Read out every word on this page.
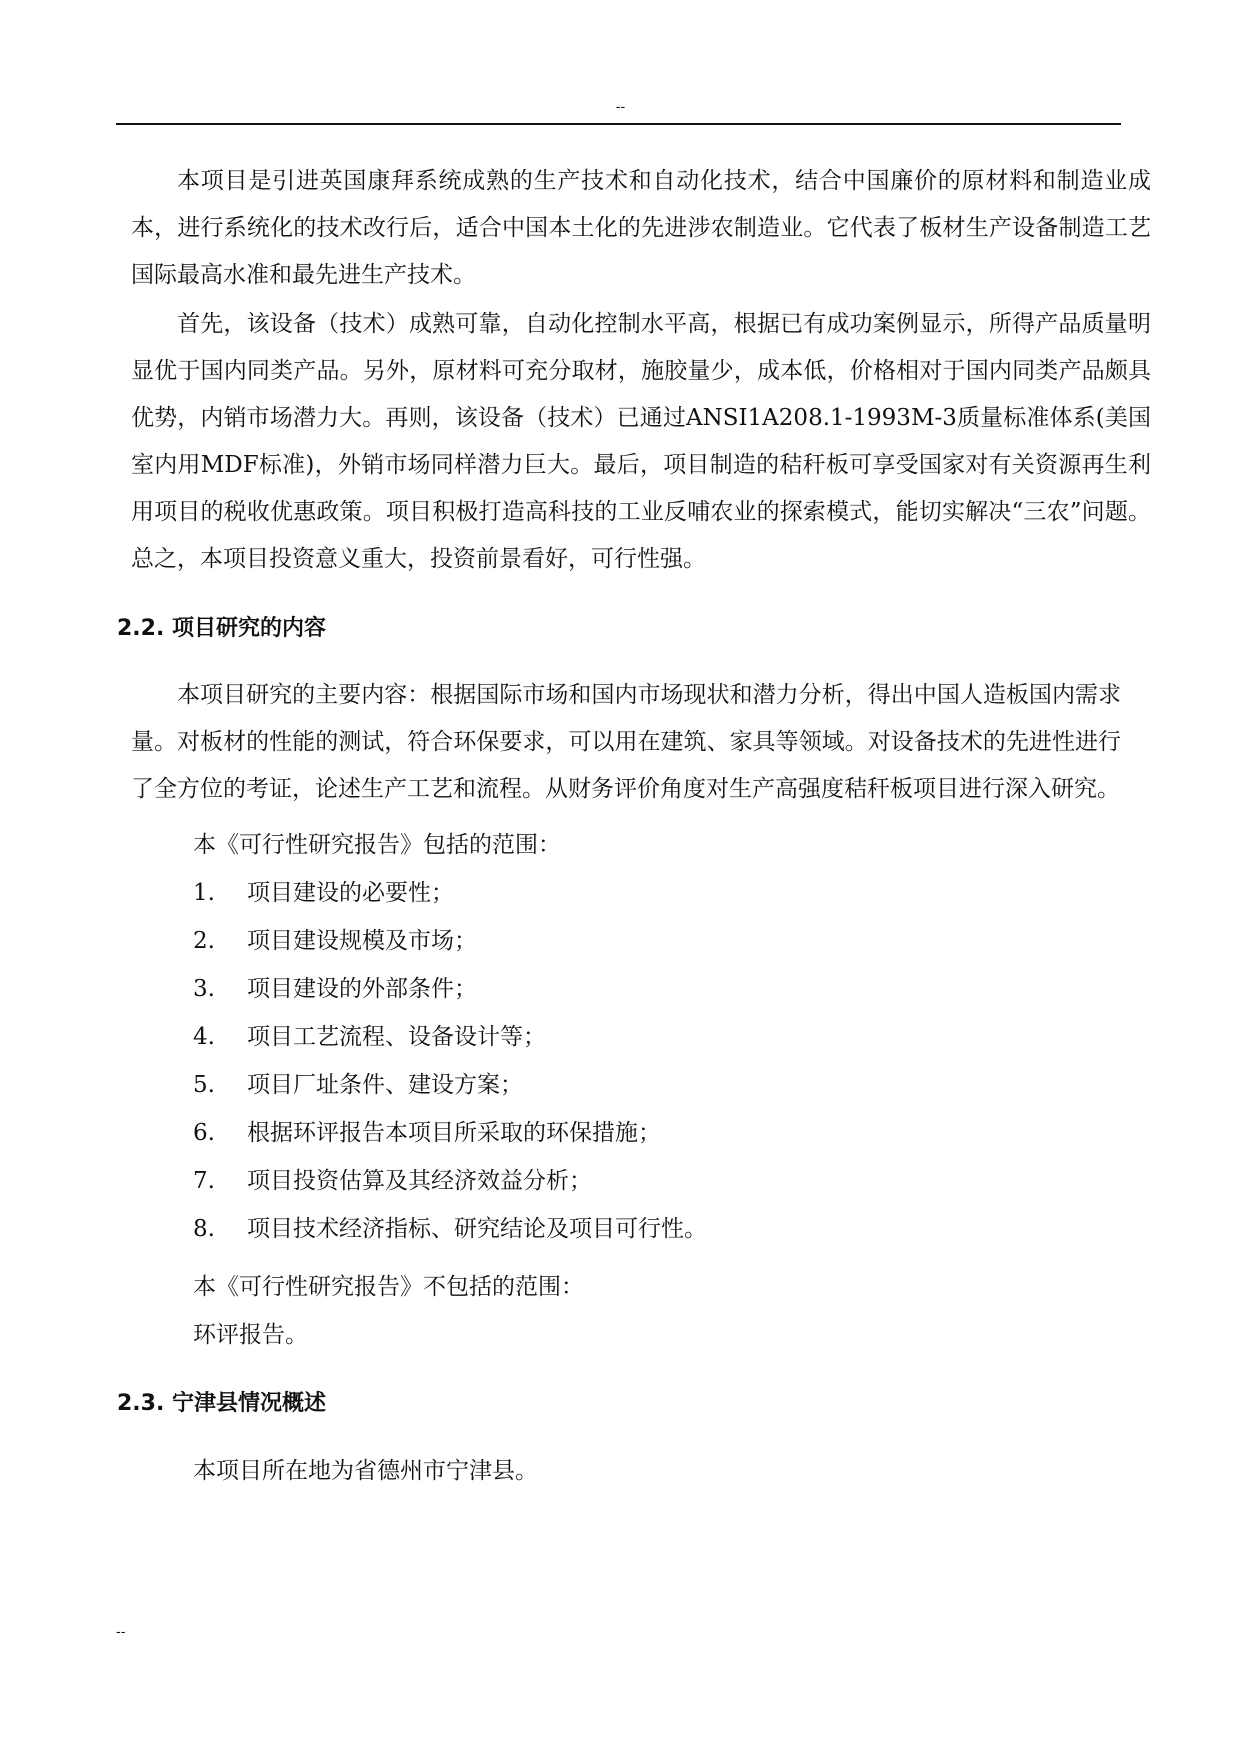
--

本项目是引进英国康拜系统成熟的生产技术和自动化技术，结合中国廉价的原材料和制造业成本，进行系统化的技术改行后，适合中国本土化的先进涉农制造业。它代表了板材生产设备制造工艺国际最高水准和最先进生产技术。

首先，该设备（技术）成熟可靠，自动化控制水平高，根据已有成功案例显示，所得产品质量明显优于国内同类产品。另外，原材料可充分取材，施胶量少，成本低，价格相对于国内同类产品颇具优势，内销市场潜力大。再则，该设备（技术）已通过ANSI1A208.1-1993M-3质量标准体系(美国室内用MDF标准)，外销市场同样潜力巨大。最后，项目制造的秸秆板可享受国家对有关资源再生利用项目的税收优惠政策。项目积极打造高科技的工业反哺农业的探索模式，能切实解决“三农”问题。总之，本项目投资意义重大，投资前景看好，可行性强。

2.2. 项目研究的内容

本项目研究的主要内容：根据国际市场和国内市场现状和潜力分析，得出中国人造板国内需求量。对板材的性能的测试，符合环保要求，可以用在建筑、家具等领域。对设备技术的先进性进行了全方位的考证，论述生产工艺和流程。从财务评价角度对生产高强度秸秆板项目进行深入研究。

本《可行性研究报告》包括的范围：

1.	项目建设的必要性；
2.	项目建设规模及市场；
3.	项目建设的外部条件；
4.	项目工艺流程、设备设计等；
5.	项目厂址条件、建设方案；
6.	根据环评报告本项目所采取的环保措施；
7.	项目投资估算及其经济效益分析；
8.	项目技术经济指标、研究结论及项目可行性。

本《可行性研究报告》不包括的范围：

环评报告。

2.3. 宁津县情况概述

本项目所在地为省德州市宁津县。

--
